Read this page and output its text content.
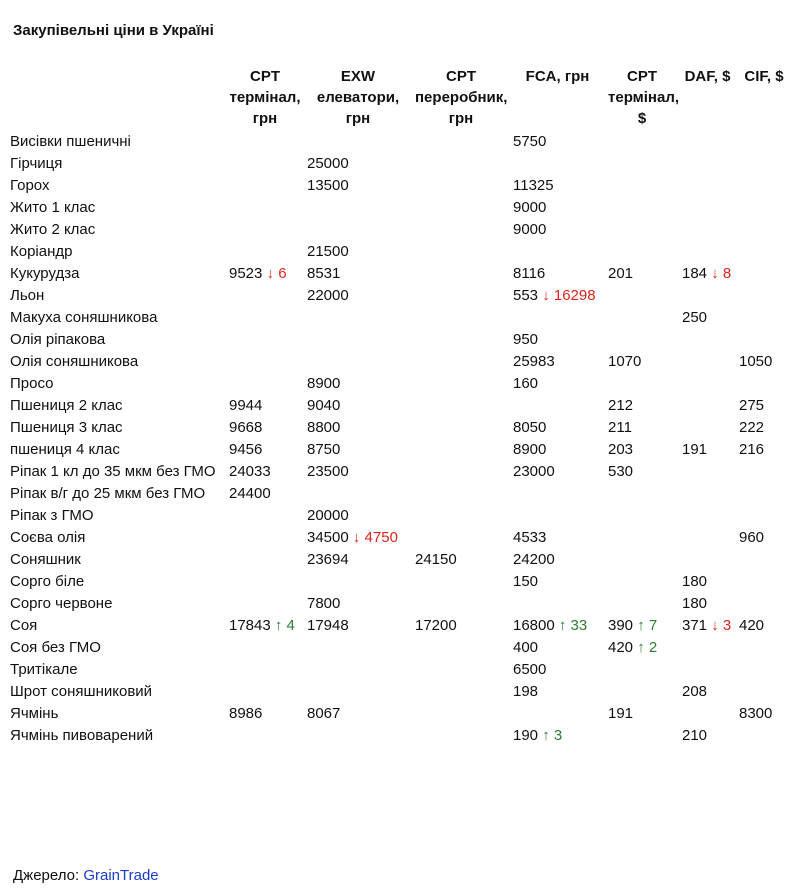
Закупівельні ціни в Україні
	CPT термінал, грн	EXW елеватори, грн	CPT переробник, грн	FCA, грн	CPT термінал, $	DAF, $	CIF, $
Висівки пшеничні				5750			
Гірчиця		25000					
Горох		13500		11325			
Жито 1 клас				9000			
Жито 2 клас				9000			
Коріандр		21500					
Кукурудза	9523 ↓ 6	8531		8116	201	184 ↓ 8	
Льон		22000		553 ↓ 16298			
Макуха соняшникова						250	
Олія ріпакова				950			
Олія соняшникова				25983	1070		1050
Просо		8900		160			
Пшениця 2 клас	9944	9040			212		275
Пшениця 3 клас	9668	8800		8050	211		222
пшениця 4 клас	9456	8750		8900	203	191	216
Ріпак 1 кл до 35 мкм без ГМО	24033	23500		23000	530		
Ріпак в/г до 25 мкм без ГМО	24400						
Ріпак з ГМО		20000					
Соєва олія		34500 ↓ 4750		4533			960
Соняшник		23694	24150	24200			
Сорго біле				150		180	
Сорго червоне		7800				180	
Соя	17843 ↑ 4	17948	17200	16800 ↑ 33	390 ↑ 7	371 ↓ 3	420
Соя без ГМО				400	420 ↑ 2		
Тритікале				6500			
Шрот соняшниковий				198		208	
Ячмінь	8986	8067			191		8300
Ячмінь пивоварений				190 ↑ 3		210	
Джерело: GrainTrade
